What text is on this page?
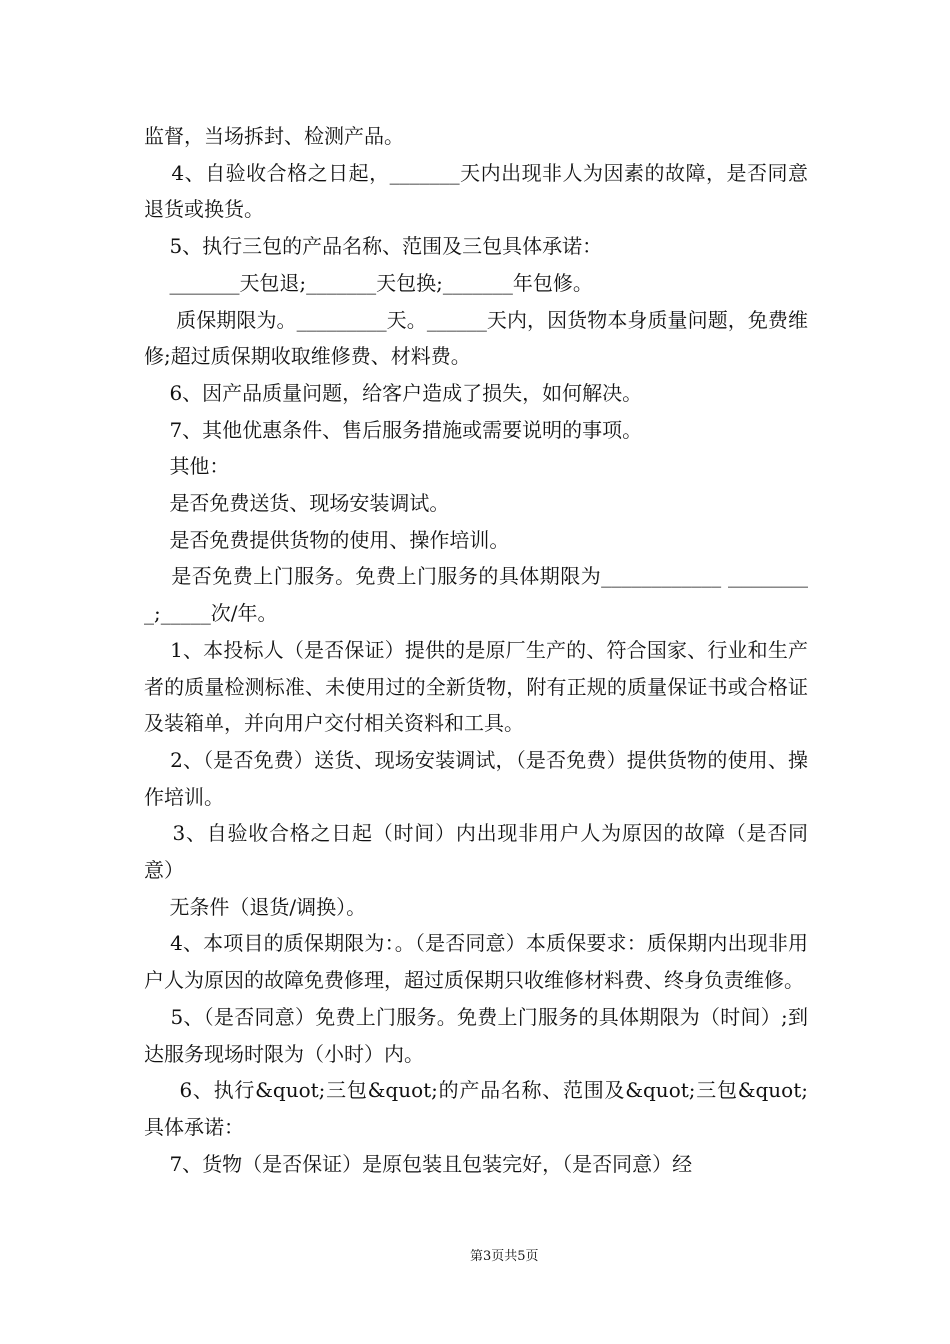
监督，当场拆封、检测产品。

4、自验收合格之日起，_______天内出现非人为因素的故障，是否同意退货或换货。

5、执行三包的产品名称、范围及三包具体承诺：

_______天包退;_______天包换;_______年包修。

质保期限为。_________天。______天内，因货物本身质量问题，免费维修;超过质保期收取维修费、材料费。

6、因产品质量问题，给客户造成了损失，如何解决。

7、其他优惠条件、售后服务措施或需要说明的事项。

其他：

是否免费送货、现场安装调试。

是否免费提供货物的使用、操作培训。

是否免费上门服务。免费上门服务的具体期限为____________ _________;_____次/年。

1、本投标人（是否保证）提供的是原厂生产的、符合国家、行业和生产者的质量检测标准、未使用过的全新货物，附有正规的质量保证书或合格证及装箱单，并向用户交付相关资料和工具。

2、（是否免费）送货、现场安装调试，（是否免费）提供货物的使用、操作培训。

3、自验收合格之日起（时间）内出现非用户人为原因的故障（是否同意）

无条件（退货/调换）。

4、本项目的质保期限为：。（是否同意）本质保要求：质保期内出现非用户人为原因的故障免费修理，超过质保期只收维修材料费、终身负责维修。

5、（是否同意）免费上门服务。免费上门服务的具体期限为（时间）;到达服务现场时限为（小时）内。

6、执行&quot;三包&quot;的产品名称、范围及&quot;三包&quot;具体承诺：

7、货物（是否保证）是原包装且包装完好，（是否同意）经

第3页共5页
